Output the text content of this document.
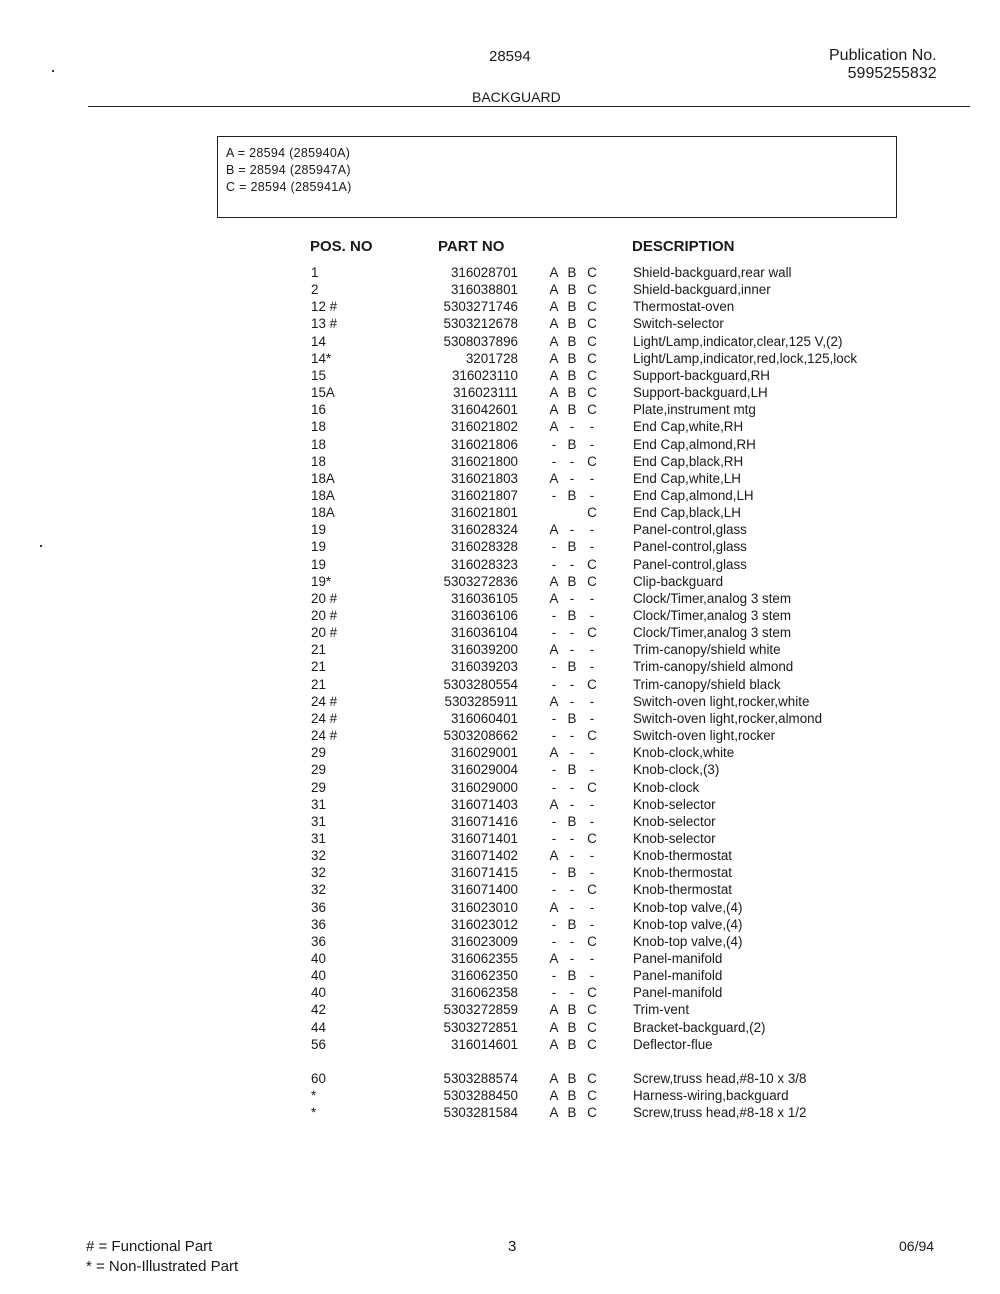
28594	Publication No.
5995255832
BACKGUARD
A = 28594 (285940A)
B = 28594 (285947A)
C = 28594 (285941A)
POS. NO	PART NO	DESCRIPTION
1	316028701 A B C	Shield-backguard,rear wall
2	316038801 A B C	Shield-backguard,inner
12 #	5303271746 A B C	Thermostat-oven
13 #	5303212678 A B C	Switch-selector
14	5308037896 A B C	Light/Lamp,indicator,clear,125 V,(2)
14*	3201728 A B C	Light/Lamp,indicator,red,lock,125,lock
15	316023110 A B C	Support-backguard,RH
15A	316023111 A B C	Support-backguard,LH
16	316042601 A B C	Plate,instrument mtg
18	316021802 A - -	End Cap,white,RH
18	316021806	- B -	End Cap,almond,RH
18	316021800	- - C	End Cap,black,RH
18A	316021803 A - -	End Cap,white,LH
18A	316021807	- B -	End Cap,almond,LH
18A	316021801	C	End Cap,black,LH
19	316028324 A - -	Panel-control,glass
19	316028328	- B -	Panel-control,glass
19	316028323	- - C	Panel-control,glass
19*	5303272836 A B C	Clip-backguard
20 #	316036105 A - -	Clock/Timer,analog 3 stem
20 #	316036106	- B -	Clock/Timer,analog 3 stem
20 #	316036104	- - C	Clock/Timer,analog 3 stem
21	316039200 A - -	Trim-canopy/shield white
21	316039203	- B -	Trim-canopy/shield almond
21	5303280554	- - C	Trim-canopy/shield black
24 #	5303285911 A - -	Switch-oven light,rocker,white
24 #	316060401	- B -	Switch-oven light,rocker,almond
24 #	5303208662	- - C	Switch-oven light,rocker
29	316029001 A - -	Knob-clock,white
29	316029004	- B -	Knob-clock,(3)
29	316029000	- - C	Knob-clock
31	316071403 A - -	Knob-selector
31	316071416	- B -	Knob-selector
31	316071401	- - C	Knob-selector
32	316071402 A - -	Knob-thermostat
32	316071415	- B -	Knob-thermostat
32	316071400	- - C	Knob-thermostat
36	316023010 A - -	Knob-top valve,(4)
36	316023012	- B -	Knob-top valve,(4)
36	316023009	- - C	Knob-top valve,(4)
40	316062355 A - -	Panel-manifold
40	316062350	- B -	Panel-manifold
40	316062358	- - C	Panel-manifold
42	5303272859 A B C	Trim-vent
44	5303272851 A B C	Bracket-backguard,(2)
56	316014601 A B C	Deflector-flue
60	5303288574 A B C	Screw,truss head,#8-10 x 3/8
*	5303288450 A B C	Harness-wiring,backguard
*	5303281584 A B C	Screw,truss head,#8-18 x 1/2
# = Functional Part
* = Non-Illustrated Part
3	06/94
